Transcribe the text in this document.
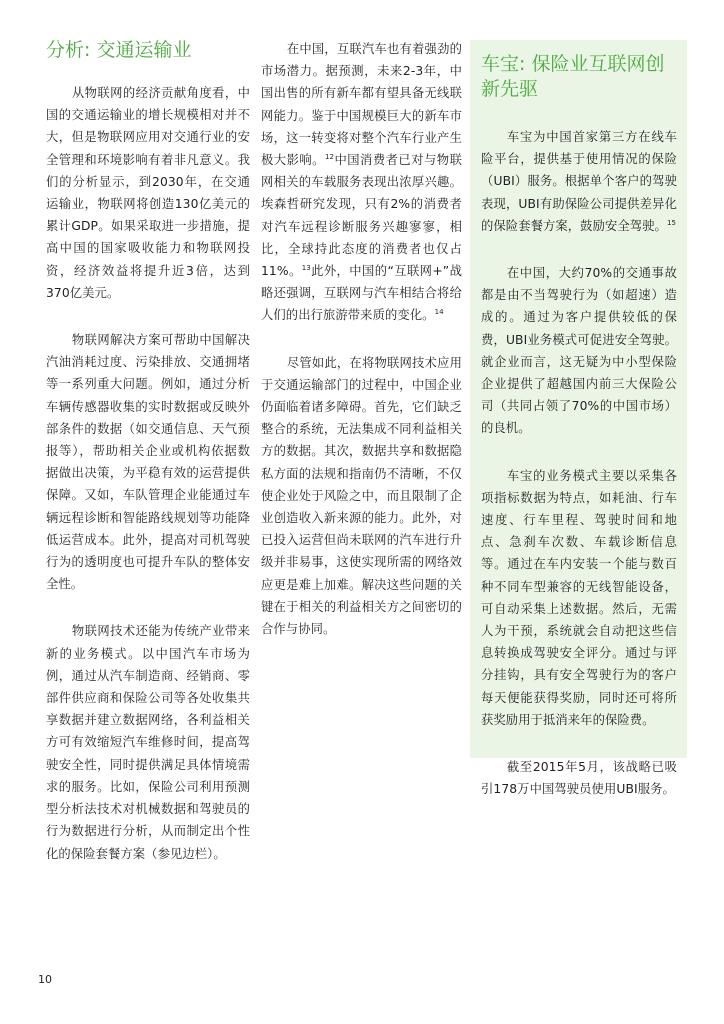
分析: 交通运输业

从物联网的经济贡献角度看，中国的交通运输业的增长规模相对并不大，但是物联网应用对交通行业的安全管理和环境影响有着非凡意义。我们的分析显示，到2030年，在交通运输业，物联网将创造130亿美元的累计GDP。如果采取进一步措施，提高中国的国家吸收能力和物联网投资，经济效益将提升近3倍，达到370亿美元。

物联网解决方案可帮助中国解决汽油消耗过度、污染排放、交通拥堵等一系列重大问题。例如，通过分析车辆传感器收集的实时数据或反映外部条件的数据（如交通信息、天气预报等），帮助相关企业或机构依据数据做出决策，为平稳有效的运营提供保障。又如，车队管理企业能通过车辆远程诊断和智能路线规划等功能降低运营成本。此外，提高对司机驾驶行为的透明度也可提升车队的整体安全性。

物联网技术还能为传统产业带来新的业务模式。以中国汽车市场为例，通过从汽车制造商、经销商、零部件供应商和保险公司等各处收集共享数据并建立数据网络，各利益相关方可有效缩短汽车维修时间，提高驾驶安全性，同时提供满足具体情境需求的服务。比如，保险公司利用预测型分析法技术对机械数据和驾驶员的行为数据进行分析，从而制定出个性化的保险套餐方案（参见边栏）。

在中国，互联汽车也有着强劲的市场潜力。据预测，未来2-3年，中国出售的所有新车都有望具备无线联网能力。鉴于中国规模巨大的新车市场，这一转变将对整个汽车行业产生极大影响。$^{12}$中国消费者已对与物联网相关的车载服务表现出浓厚兴趣。埃森哲研究发现，只有2%的消费者对汽车远程诊断服务兴趣寥寥，相比，全球持此态度的消费者也仅占11%。$^{13}$此外，中国的“互联网+”战略还强调，互联网与汽车相结合将给人们的出行旅游带来质的变化。$^{14}$

尽管如此，在将物联网技术应用于交通运输部门的过程中，中国企业仍面临着诸多障碍。首先，它们缺乏整合的系统，无法集成不同利益相关方的数据。其次，数据共享和数据隐私方面的法规和指南仍不清晰，不仅使企业处于风险之中，而且限制了企业创造收入新来源的能力。此外，对已投入运营但尚未联网的汽车进行升级并非易事，这使实现所需的网络效应更是难上加难。解决这些问题的关键在于相关的利益相关方之间密切的合作与协同。

车宝: 保险业互联网创新先驱

车宝为中国首家第三方在线车险平台，提供基于使用情况的保险（UBI）服务。根据单个客户的驾驶表现，UBI有助保险公司提供差异化的保险套餐方案，鼓励安全驾驶。$^{15}$

在中国，大约70%的交通事故都是由不当驾驶行为（如超速）造成的。通过为客户提供较低的保费，UBI业务模式可促进安全驾驶。就企业而言，这无疑为中小型保险企业提供了超越国内前三大保险公司（共同占领了70%的中国市场）的良机。

车宝的业务模式主要以采集各项指标数据为特点，如耗油、行车速度、行车里程、驾驶时间和地点、急刹车次数、车载诊断信息等。通过在车内安装一个能与数百种不同车型兼容的无线智能设备，可自动采集上述数据。然后，无需人为干预，系统就会自动把这些信息转换成驾驶安全评分。通过与评分挂钩，具有安全驾驶行为的客户每天便能获得奖励，同时还可将所获奖励用于抵消来年的保险费。

截至2015年5月，该战略已吸引178万中国驾驶员使用UBI服务。

10
